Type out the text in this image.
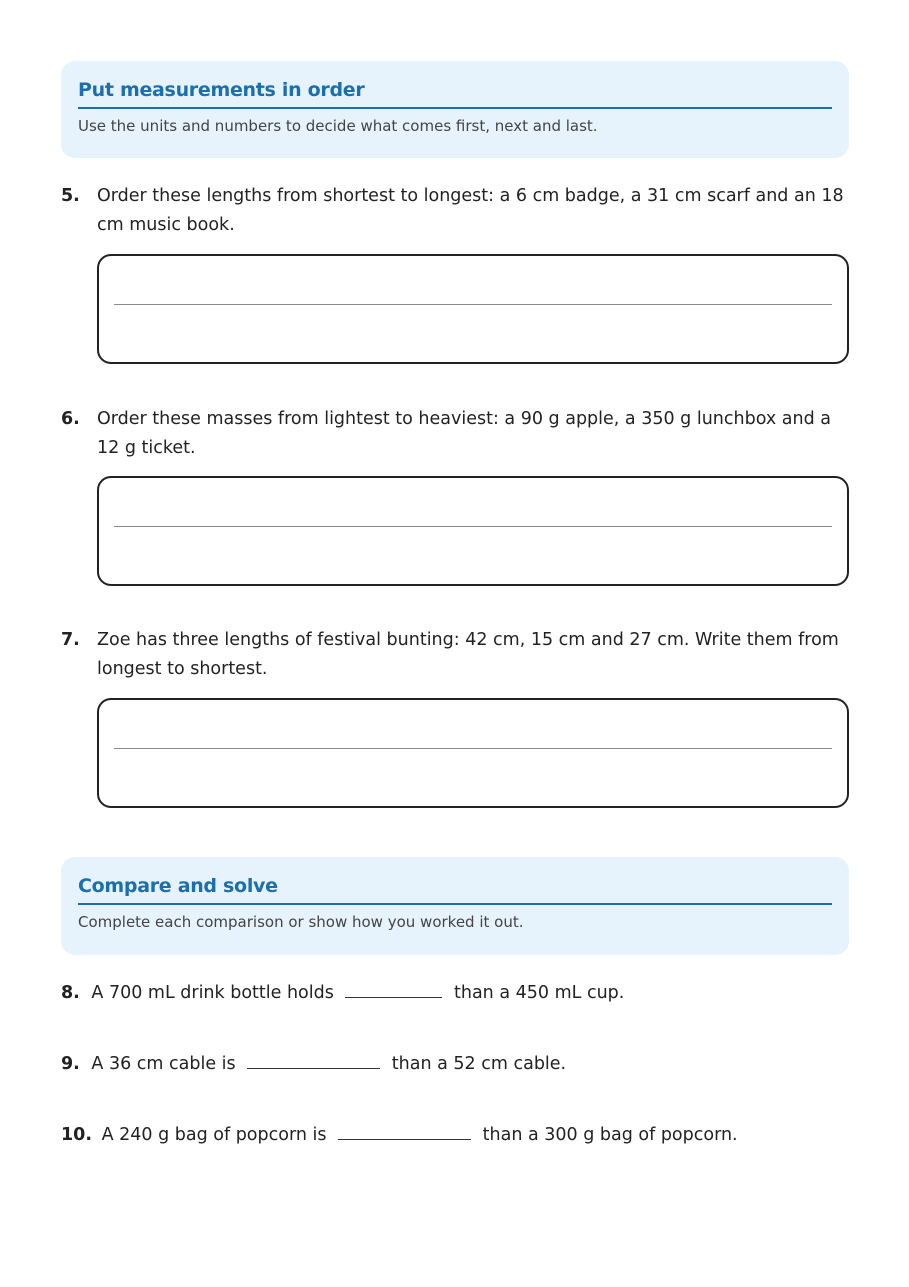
Put measurements in order
Use the units and numbers to decide what comes first, next and last.
5. Order these lengths from shortest to longest: a 6 cm badge, a 31 cm scarf and an 18 cm music book.
6. Order these masses from lightest to heaviest: a 90 g apple, a 350 g lunchbox and a 12 g ticket.
7. Zoe has three lengths of festival bunting: 42 cm, 15 cm and 27 cm. Write them from longest to shortest.
Compare and solve
Complete each comparison or show how you worked it out.
8. A 700 mL drink bottle holds	than a 450 mL cup.
9. A 36 cm cable is	than a 52 cm cable.
10. A 240 g bag of popcorn is	than a 300 g bag of popcorn.
